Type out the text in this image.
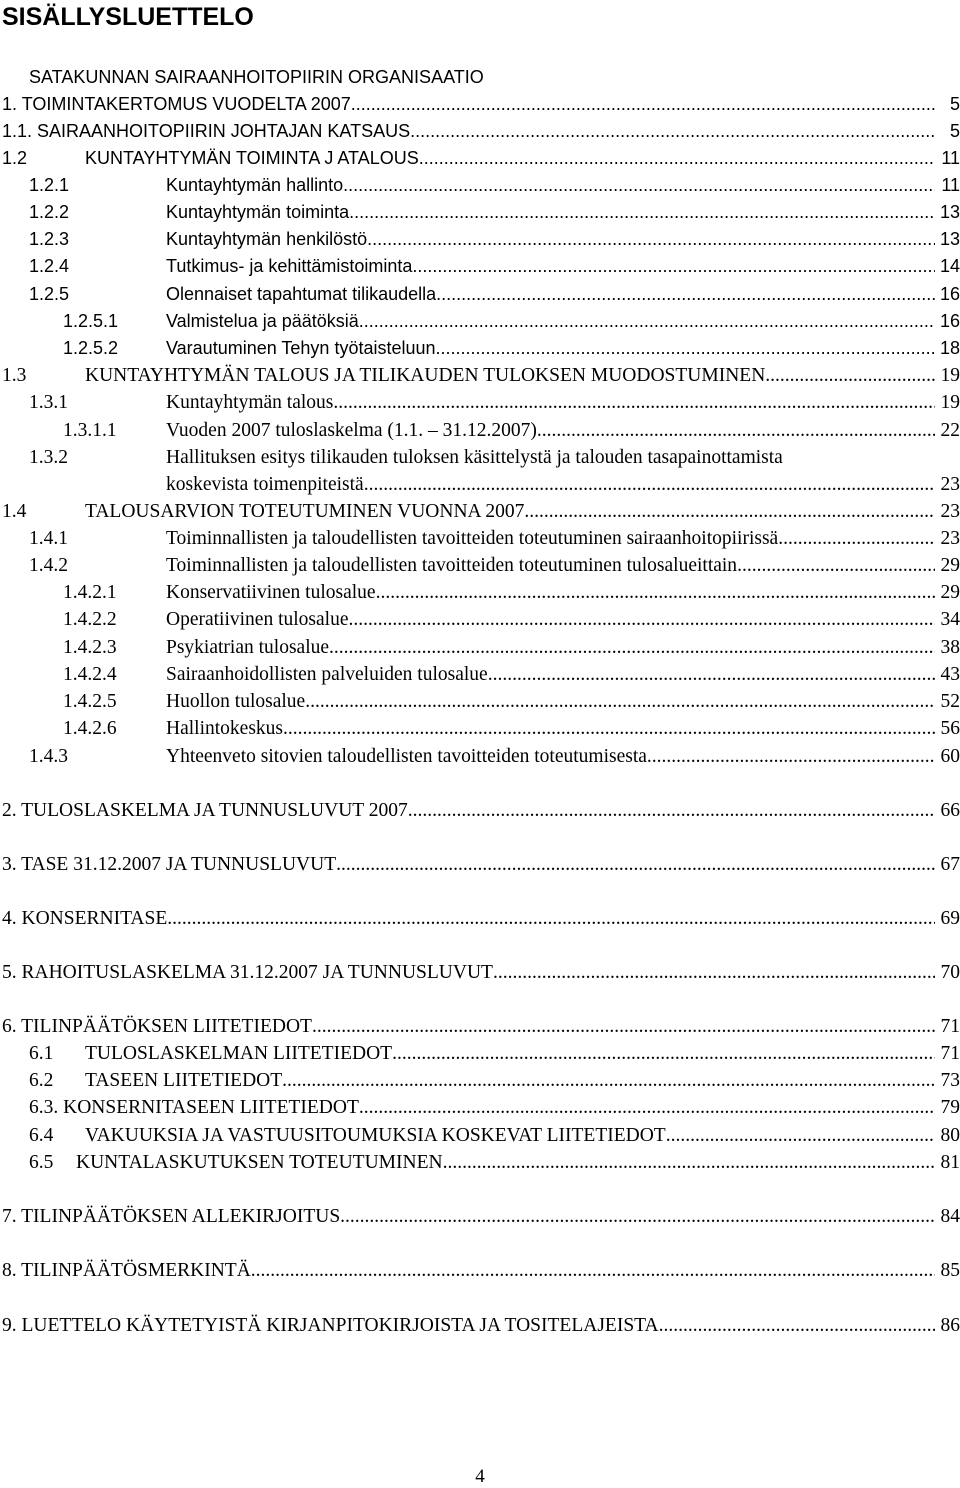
SISÄLLYSLUETTELO
SATAKUNNAN SAIRAANHOITOPIIRIN ORGANISAATIO
1. TOIMINTAKERTOMUS VUODELTA 2007 .....	5
1.1. SAIRAANHOITOPIIRIN JOHTAJAN KATSAUS .....	5
1.2	KUNTAYHTYMÄN TOIMINTA J ATALOUS .....	11
1.2.1	Kuntayhtymän hallinto .....	11
1.2.2	Kuntayhtymän toiminta .....	13
1.2.3	Kuntayhtymän henkilöstö .....	13
1.2.4	Tutkimus- ja kehittämistoiminta .....	14
1.2.5	Olennaiset tapahtumat tilikaudella .....	16
1.2.5.1	Valmistelua ja päätöksiä .....	16
1.2.5.2	Varautuminen Tehyn työtaisteluun .....	18
1.3	KUNTAYHTYMÄN TALOUS JA TILIKAUDEN TULOKSEN MUODOSTUMINEN .....	19
1.3.1	Kuntayhtymän talous .....	19
1.3.1.1	Vuoden 2007 tuloslaskelma (1.1. – 31.12.2007) .....	22
1.3.2	Hallituksen esitys tilikauden tuloksen käsittelystä ja talouden tasapainottamista
koskevista toimenpiteistä .....	23
1.4	TALOUSARVION TOTEUTUMINEN VUONNA 2007 .....	23
1.4.1	Toiminnallisten ja taloudellisten tavoitteiden toteutuminen sairaanhoitopiirissä .....	23
1.4.2	Toiminnallisten ja taloudellisten tavoitteiden toteutuminen tulosalueittain .....	29
1.4.2.1	Konservatiivinen tulosalue .....	29
1.4.2.2	Operatiivinen tulosalue .....	34
1.4.2.3	Psykiatrian tulosalue .....	38
1.4.2.4	Sairaanhoidollisten palveluiden tulosalue .....	43
1.4.2.5	Huollon tulosalue .....	52
1.4.2.6	Hallintokeskus .....	56
1.4.3	Yhteenveto sitovien taloudellisten tavoitteiden toteutumisesta .....	60
2. TULOSLASKELMA JA TUNNUSLUVUT 2007 .....	66
3. TASE 31.12.2007 JA TUNNUSLUVUT .....	67
4. KONSERNITASE .....	69
5. RAHOITUSLASKELMA 31.12.2007 JA TUNNUSLUVUT .....	70
6. TILINPÄÄTÖKSEN LIITETIEDOT .....	71
6.1 TULOSLASKELMAN LIITETIEDOT .....	71
6.2 TASEEN LIITETIEDOT .....	73
6.3. KONSERNITASEEN LIITETIEDOT .....	79
6.4 VAKUUKSIA JA VASTUUSITOUMUKSIA KOSKEVAT LIITETIEDOT .....	80
6.5 KUNTALASKUTUKSEN TOTEUTUMINEN .....	81
7. TILINPÄÄTÖKSEN ALLEKIRJOITUS .....	84
8. TILINPÄÄTÖSMERKINTÄ .....	85
9. LUETTELO KÄYTETYISTÄ KIRJANPITOKIRJOISTA JA TOSITELAJEISTA .....	86
4
